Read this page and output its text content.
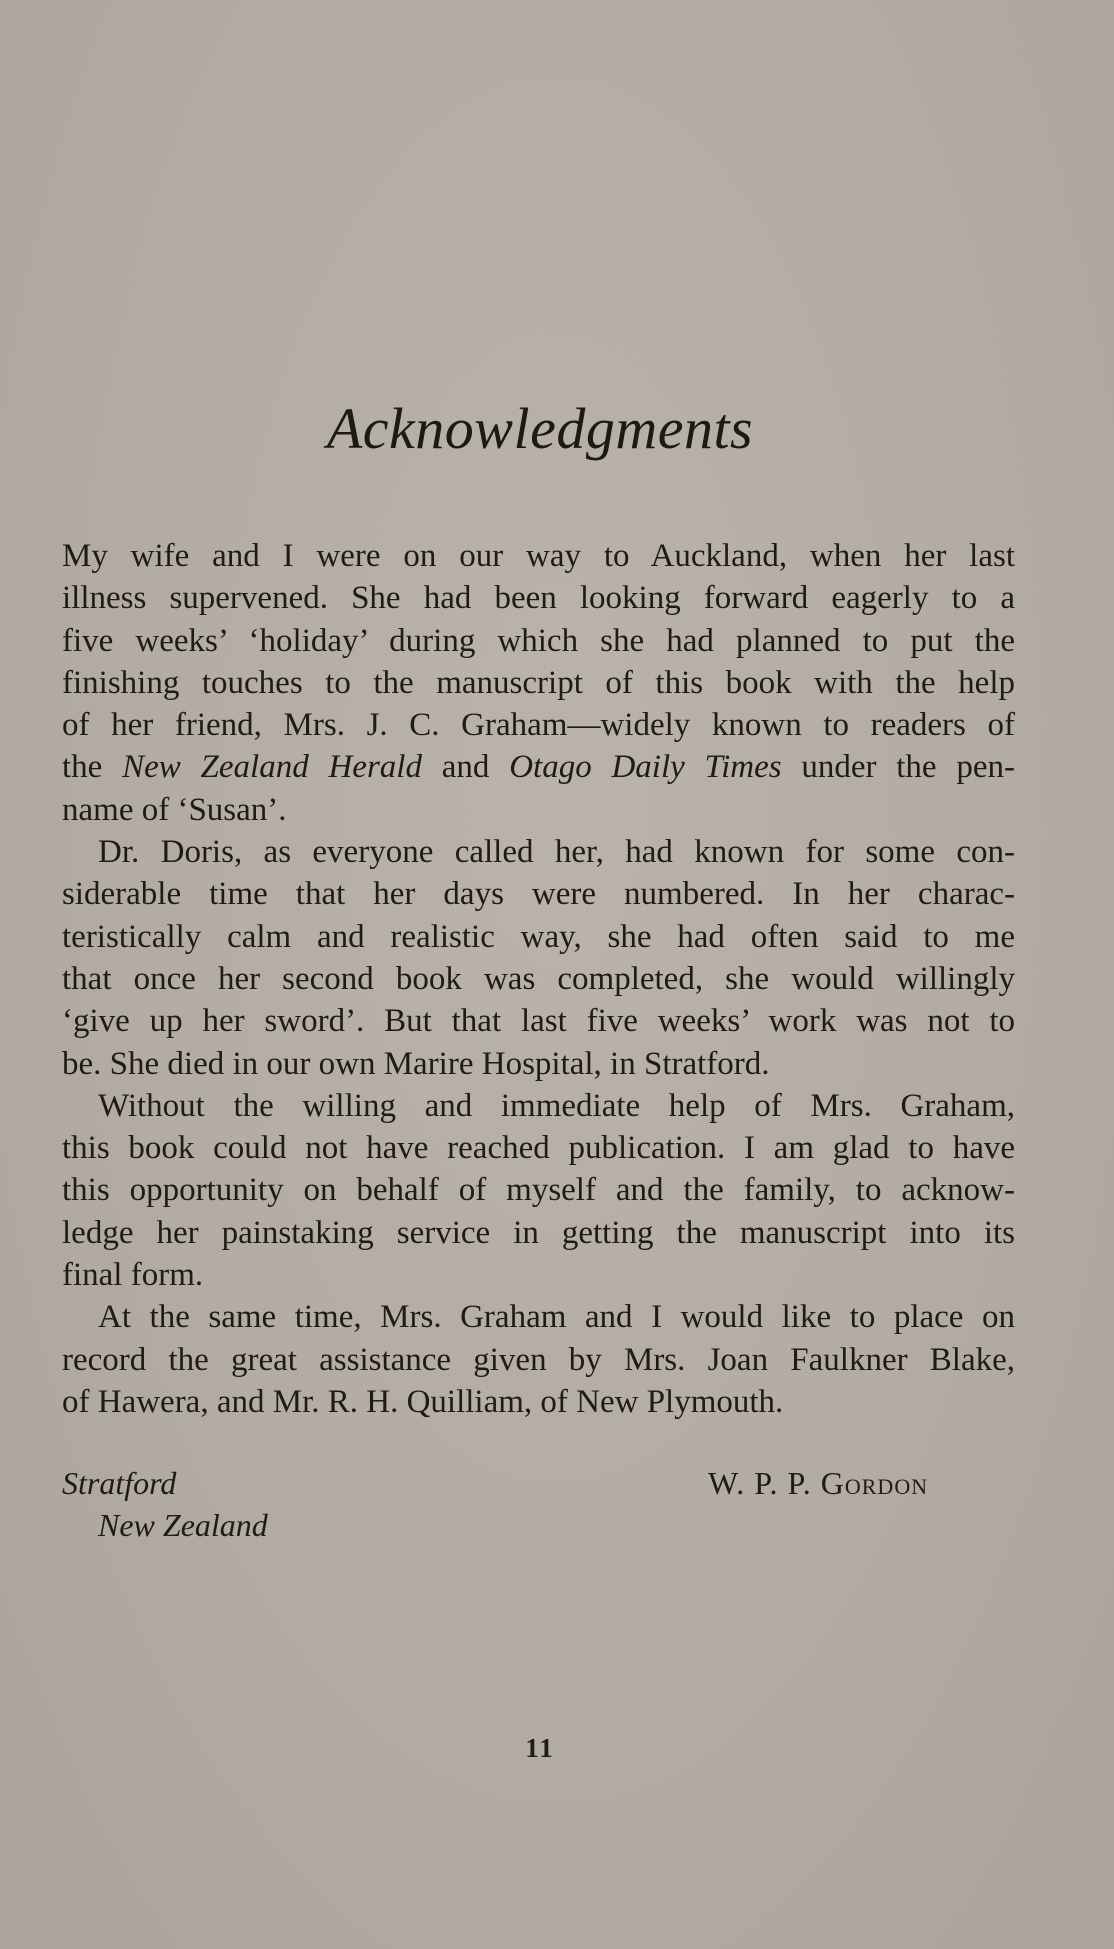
Acknowledgments
My wife and I were on our way to Auckland, when her last
illness supervened. She had been looking forward eagerly to a
five weeks’ ‘holiday’ during which she had planned to put the
finishing touches to the manuscript of this book with the help
of her friend, Mrs. J. C. Graham—widely known to readers of
the New Zealand Herald and Otago Daily Times under the pen-
name of ‘Susan’.
Dr. Doris, as everyone called her, had known for some con-
siderable time that her days were numbered. In her charac-
teristically calm and realistic way, she had often said to me
that once her second book was completed, she would willingly
‘give up her sword’. But that last five weeks’ work was not to
be. She died in our own Marire Hospital, in Stratford.
Without the willing and immediate help of Mrs. Graham,
this book could not have reached publication. I am glad to have
this opportunity on behalf of myself and the family, to acknow-
ledge her painstaking service in getting the manuscript into its
final form.
At the same time, Mrs. Graham and I would like to place on
record the great assistance given by Mrs. Joan Faulkner Blake,
of Hawera, and Mr. R. H. Quilliam, of New Plymouth.
Stratford
New Zealand
W. P. P. Gordon
11
